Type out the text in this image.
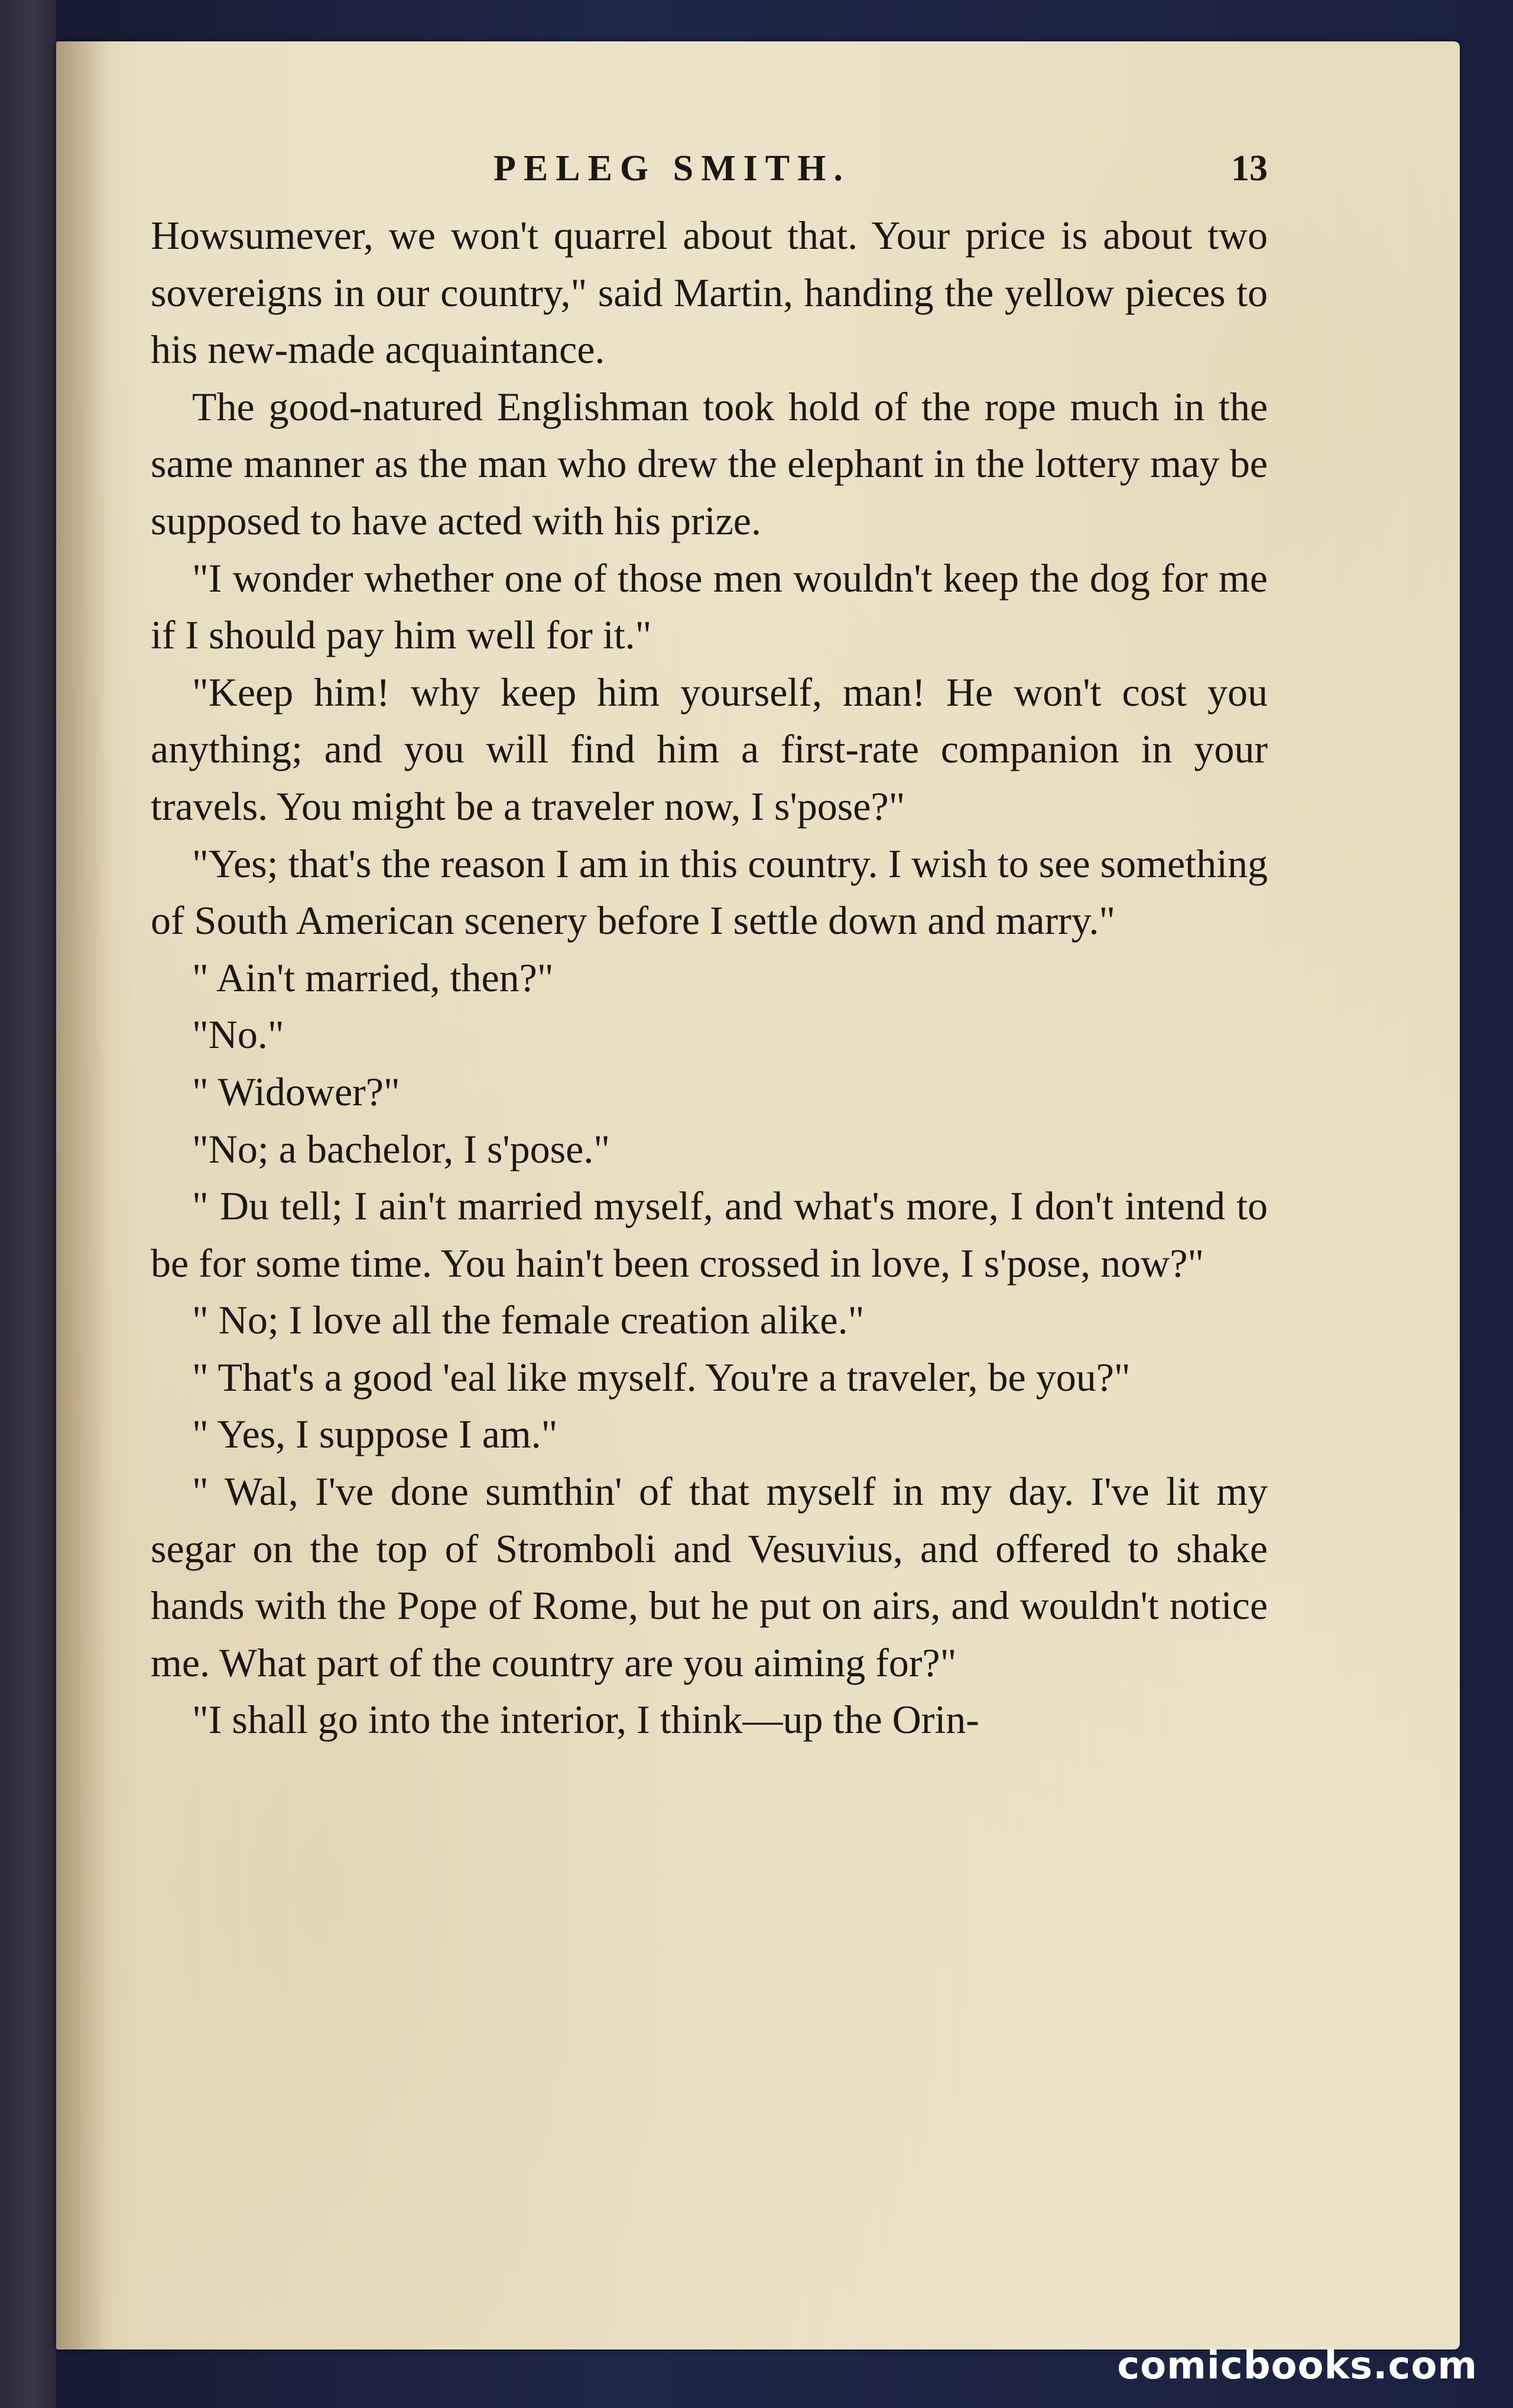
PELEG SMITH.	13

Howsumever, we won't quarrel about that. Your price is about two sovereigns in our country," said Martin, handing the yellow pieces to his new-made acquaintance.

The good-natured Englishman took hold of the rope much in the same manner as the man who drew the elephant in the lottery may be supposed to have acted with his prize.

"I wonder whether one of those men wouldn't keep the dog for me if I should pay him well for it."

"Keep him! why keep him yourself, man! He won't cost you anything; and you will find him a first-rate companion in your travels. You might be a traveler now, I s'pose?"

"Yes; that's the reason I am in this country. I wish to see something of South American scenery before I settle down and marry."

" Ain't married, then?"

"No."

" Widower?"

"No; a bachelor, I s'pose."

" Du tell; I ain't married myself, and what's more, I don't intend to be for some time. You hain't been crossed in love, I s'pose, now?"

" No; I love all the female creation alike."

" That's a good 'eal like myself. You're a traveler, be you?"

" Yes, I suppose I am."

" Wal, I've done sumthin' of that myself in my day. I've lit my segar on the top of Stromboli and Vesuvius, and offered to shake hands with the Pope of Rome, but he put on airs, and wouldn't notice me. What part of the country are you aiming for?"

"I shall go into the interior, I think—up the Orin-

comicbooks.com
